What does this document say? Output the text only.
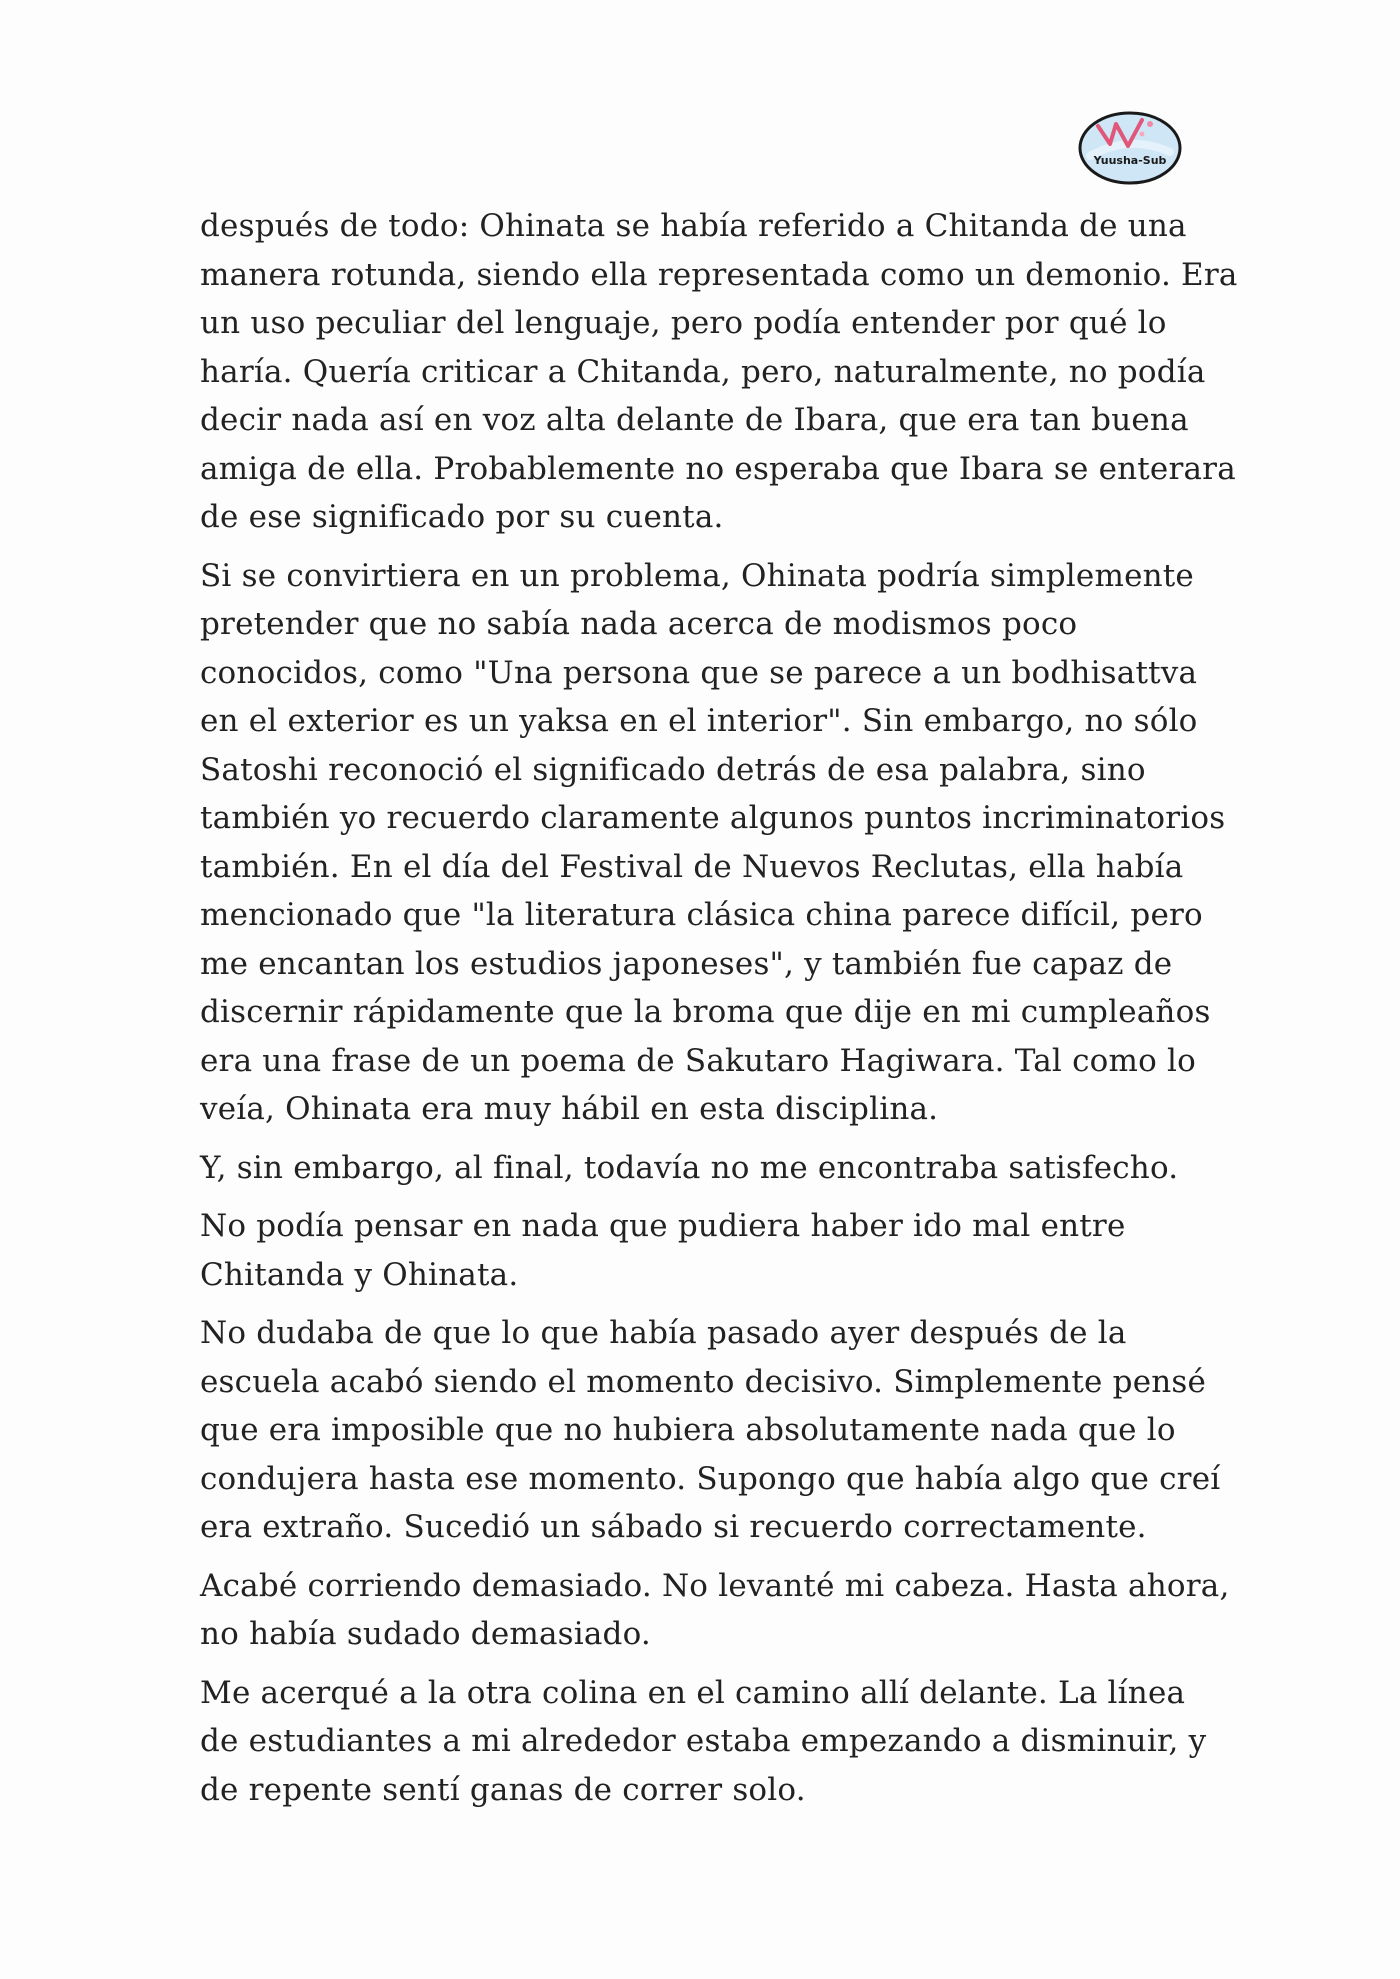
Yuusha-Sub

después de todo: Ohinata se había referido a Chitanda de una
manera rotunda, siendo ella representada como un demonio. Era
un uso peculiar del lenguaje, pero podía entender por qué lo
haría. Quería criticar a Chitanda, pero, naturalmente, no podía
decir nada así en voz alta delante de Ibara, que era tan buena
amiga de ella. Probablemente no esperaba que Ibara se enterara
de ese significado por su cuenta.

Si se convirtiera en un problema, Ohinata podría simplemente
pretender que no sabía nada acerca de modismos poco
conocidos, como "Una persona que se parece a un bodhisattva
en el exterior es un yaksa en el interior". Sin embargo, no sólo
Satoshi reconoció el significado detrás de esa palabra, sino
también yo recuerdo claramente algunos puntos incriminatorios
también. En el día del Festival de Nuevos Reclutas, ella había
mencionado que "la literatura clásica china parece difícil, pero
me encantan los estudios japoneses", y también fue capaz de
discernir rápidamente que la broma que dije en mi cumpleaños
era una frase de un poema de Sakutaro Hagiwara. Tal como lo
veía, Ohinata era muy hábil en esta disciplina.

Y, sin embargo, al final, todavía no me encontraba satisfecho.

No podía pensar en nada que pudiera haber ido mal entre
Chitanda y Ohinata.

No dudaba de que lo que había pasado ayer después de la
escuela acabó siendo el momento decisivo. Simplemente pensé
que era imposible que no hubiera absolutamente nada que lo
condujera hasta ese momento. Supongo que había algo que creí
era extraño. Sucedió un sábado si recuerdo correctamente.

Acabé corriendo demasiado. No levanté mi cabeza. Hasta ahora,
no había sudado demasiado.

Me acerqué a la otra colina en el camino allí delante. La línea
de estudiantes a mi alrededor estaba empezando a disminuir, y
de repente sentí ganas de correr solo.
